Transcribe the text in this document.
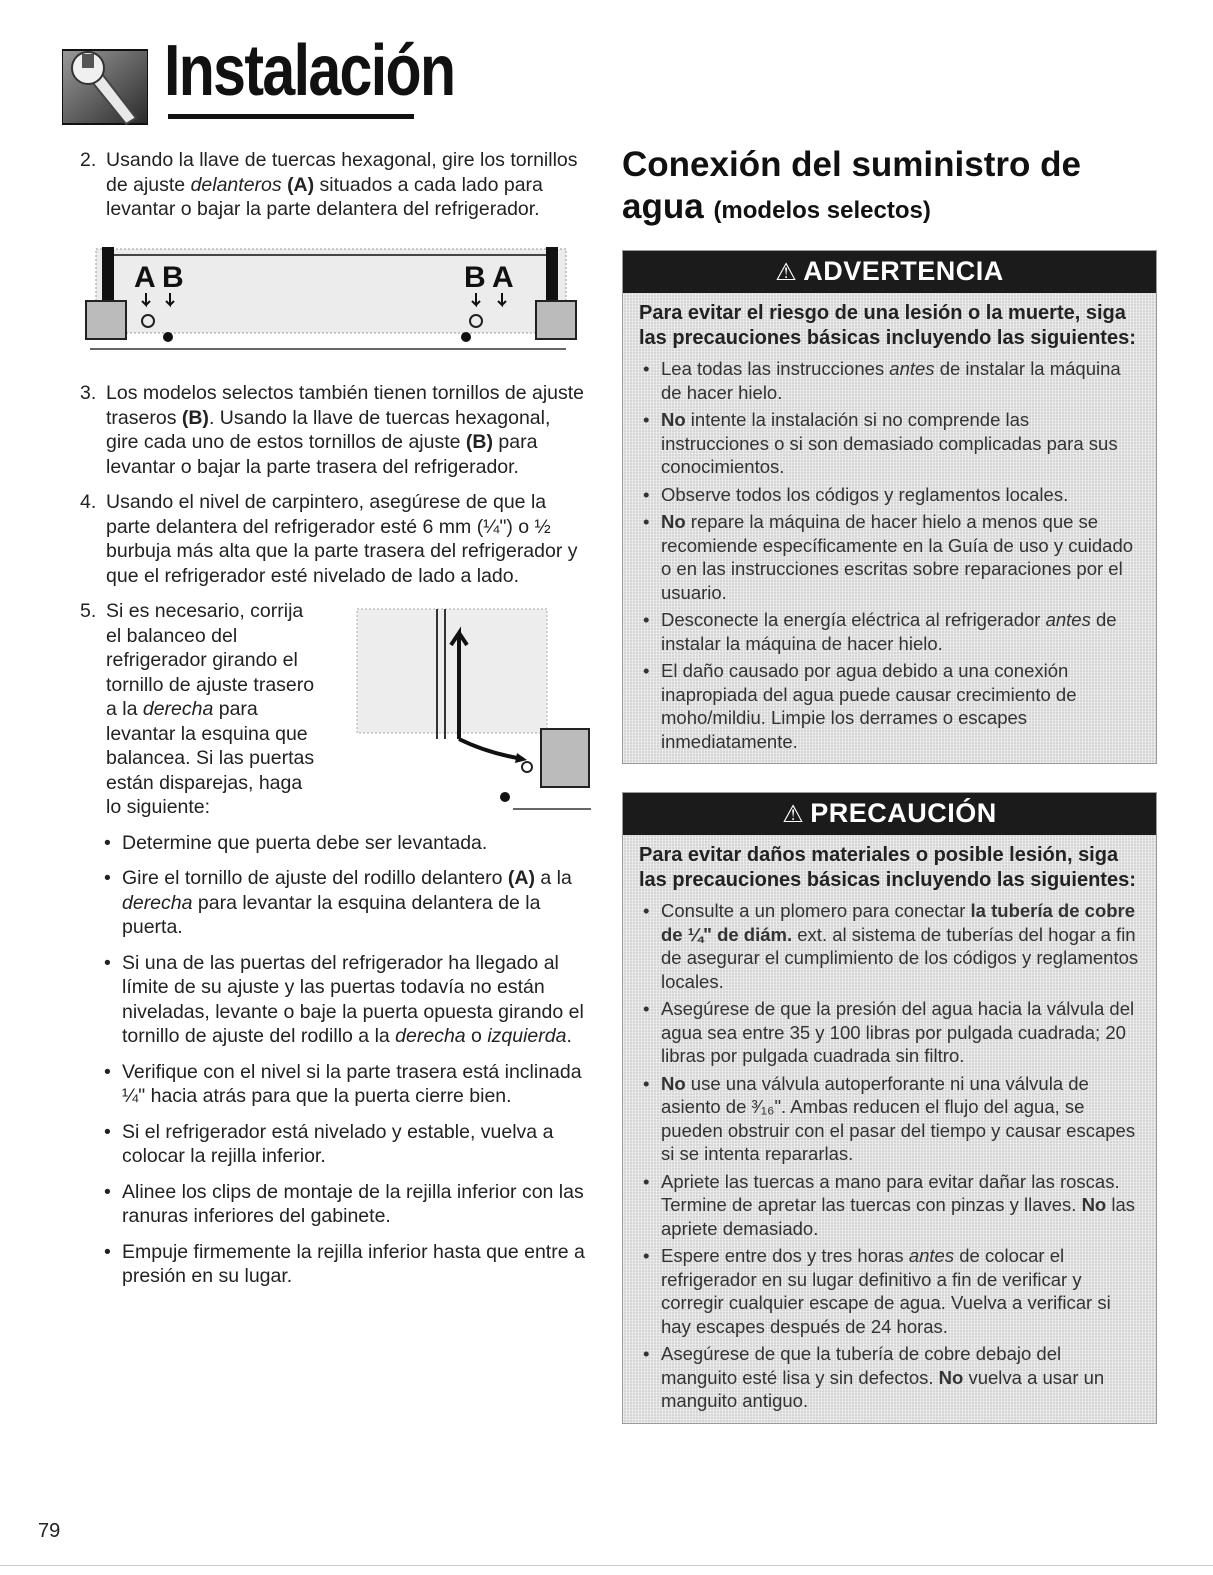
Instalación

2. Usando la llave de tuercas hexagonal, gire los tornillos de ajuste delanteros (A) situados a cada lado para levantar o bajar la parte delantera del refrigerador.

A B	B A

3. Los modelos selectos también tienen tornillos de ajuste traseros (B). Usando la llave de tuercas hexagonal, gire cada uno de estos tornillos de ajuste (B) para levantar o bajar la parte trasera del refrigerador.

4. Usando el nivel de carpintero, asegúrese de que la parte delantera del refrigerador esté 6 mm (¼") o ½ burbuja más alta que la parte trasera del refrigerador y que el refrigerador esté nivelado de lado a lado.

5. Si es necesario, corrija el balanceo del refrigerador girando el tornillo de ajuste trasero a la derecha para levantar la esquina que balancea. Si las puertas están disparejas, haga lo siguiente:

• Determine que puerta debe ser levantada.

• Gire el tornillo de ajuste del rodillo delantero (A) a la derecha para levantar la esquina delantera de la puerta.

• Si una de las puertas del refrigerador ha llegado al límite de su ajuste y las puertas todavía no están niveladas, levante o baje la puerta opuesta girando el tornillo de ajuste del rodillo a la derecha o izquierda.

• Verifique con el nivel si la parte trasera está inclinada ¼" hacia atrás para que la puerta cierre bien.

• Si el refrigerador está nivelado y estable, vuelva a colocar la rejilla inferior.

• Alinee los clips de montaje de la rejilla inferior con las ranuras inferiores del gabinete.

• Empuje firmemente la rejilla inferior hasta que entre a presión en su lugar.

Conexión del suministro de
agua (modelos selectos)
⚠ ADVERTENCIA
Para evitar el riesgo de una lesión o la muerte, siga las precauciones básicas incluyendo las siguientes:
• Lea todas las instrucciones antes de instalar la máquina de hacer hielo.
• No intente la instalación si no comprende las instrucciones o si son demasiado complicadas para sus conocimientos.
• Observe todos los códigos y reglamentos locales.
• No repare la máquina de hacer hielo a menos que se recomiende específicamente en la Guía de uso y cuidado o en las instrucciones escritas sobre reparaciones por el usuario.
• Desconecte la energía eléctrica al refrigerador antes de instalar la máquina de hacer hielo.
• El daño causado por agua debido a una conexión inapropiada del agua puede causar crecimiento de moho/mildiu. Limpie los derrames o escapes inmediatamente.
⚠ PRECAUCIÓN
Para evitar daños materiales o posible lesión, siga las precauciones básicas incluyendo las siguientes:
• Consulte a un plomero para conectar la tubería de cobre de ¼" de diám. ext. al sistema de tuberías del hogar a fin de asegurar el cumplimiento de los códigos y reglamentos locales.
• Asegúrese de que la presión del agua hacia la válvula del agua sea entre 35 y 100 libras por pulgada cuadrada; 20 libras por pulgada cuadrada sin filtro.
• No use una válvula autoperforante ni una válvula de asiento de ³⁄₁₆". Ambas reducen el flujo del agua, se pueden obstruir con el pasar del tiempo y causar escapes si se intenta repararlas.
• Apriete las tuercas a mano para evitar dañar las roscas. Termine de apretar las tuercas con pinzas y llaves. No las apriete demasiado.
• Espere entre dos y tres horas antes de colocar el refrigerador en su lugar definitivo a fin de verificar y corregir cualquier escape de agua. Vuelva a verificar si hay escapes después de 24 horas.
• Asegúrese de que la tubería de cobre debajo del manguito esté lisa y sin defectos. No vuelva a usar un manguito antiguo.

79
